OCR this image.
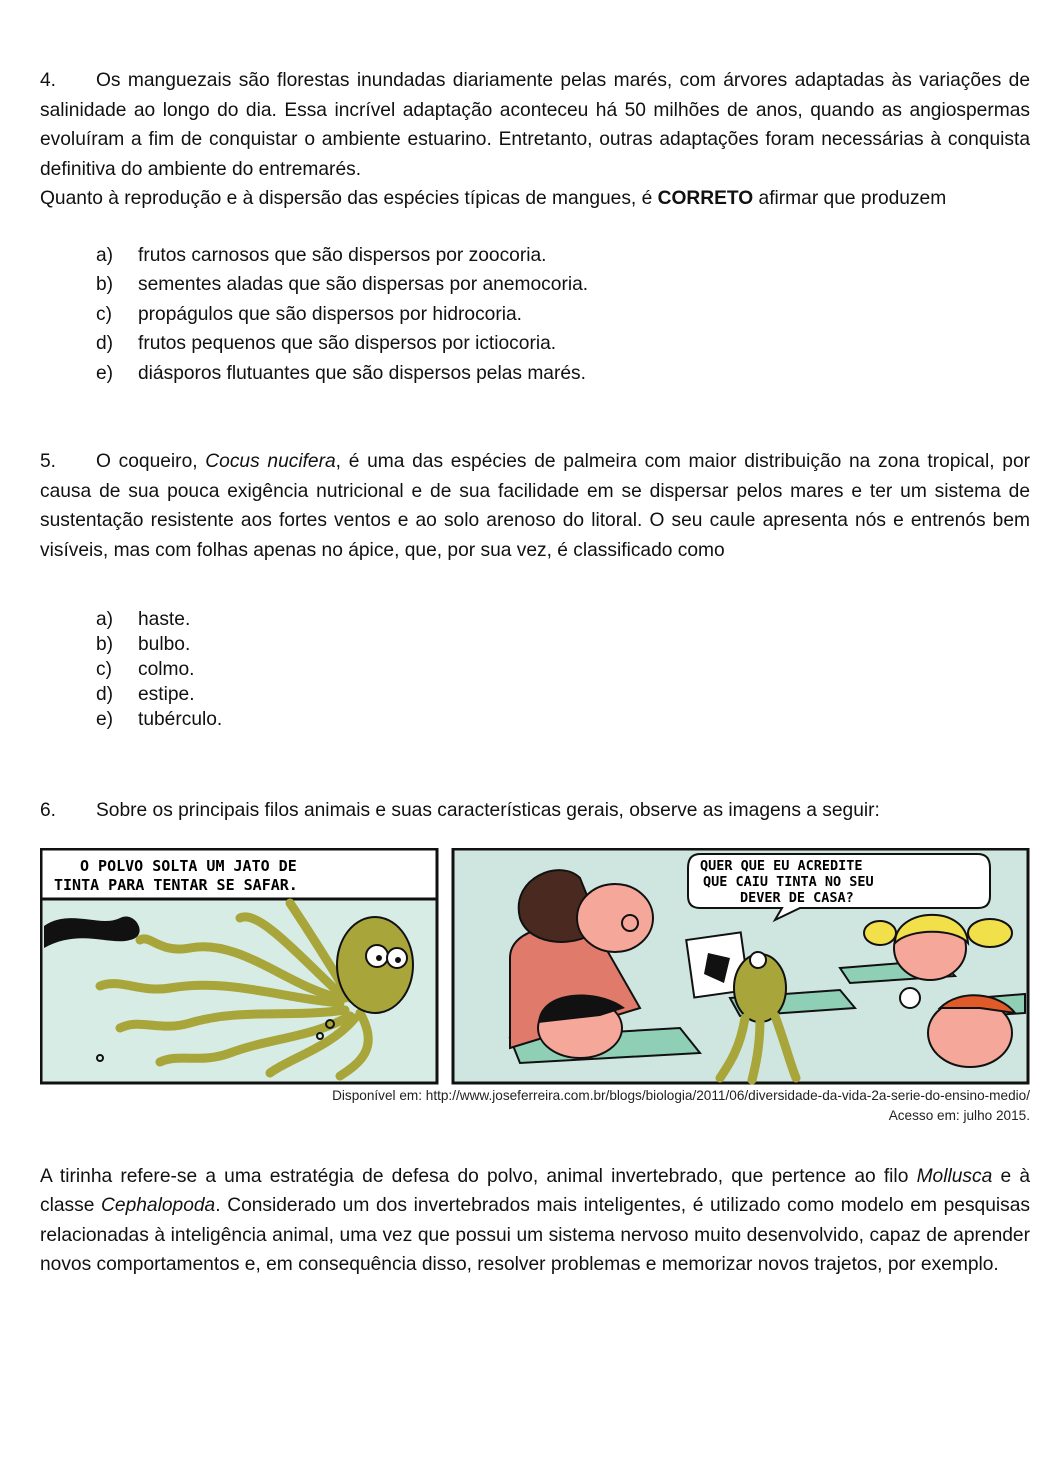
4. Os manguezais são florestas inundadas diariamente pelas marés, com árvores adaptadas às variações de salinidade ao longo do dia. Essa incrível adaptação aconteceu há 50 milhões de anos, quando as angiospermas evoluíram a fim de conquistar o ambiente estuarino. Entretanto, outras adaptações foram necessárias à conquista definitiva do ambiente do entremarés.

Quanto à reprodução e à dispersão das espécies típicas de mangues, é CORRETO afirmar que produzem

a) frutos carnosos que são dispersos por zoocoria.
b) sementes aladas que são dispersas por anemocoria.
c) propágulos que são dispersos por hidrocoria.
d) frutos pequenos que são dispersos por ictiocoria.
e) diásporos flutuantes que são dispersos pelas marés.

5. O coqueiro, Cocus nucifera, é uma das espécies de palmeira com maior distribuição na zona tropical, por causa de sua pouca exigência nutricional e de sua facilidade em se dispersar pelos mares e ter um sistema de sustentação resistente aos fortes ventos e ao solo arenoso do litoral. O seu caule apresenta nós e entrenós bem visíveis, mas com folhas apenas no ápice, que, por sua vez, é classificado como

a) haste.
b) bulbo.
c) colmo.
d) estipe.
e) tubérculo.

6. Sobre os principais filos animais e suas características gerais, observe as imagens a seguir:

O POLVO SOLTA UM JATO DE
TINTA PARA TENTAR SE SAFAR.
QUER QUE EU ACREDITE
QUE CAIU TINTA NO SEU
DEVER DE CASA?

Disponível em: http://www.joseferreira.com.br/blogs/biologia/2011/06/diversidade-da-vida-2a-serie-do-ensino-medio/

Acesso em: julho 2015.

A tirinha refere-se a uma estratégia de defesa do polvo, animal invertebrado, que pertence ao filo Mollusca e à classe Cephalopoda. Considerado um dos invertebrados mais inteligentes, é utilizado como modelo em pesquisas relacionadas à inteligência animal, uma vez que possui um sistema nervoso muito desenvolvido, capaz de aprender novos comportamentos e, em consequência disso, resolver problemas e memorizar novos trajetos, por exemplo.
